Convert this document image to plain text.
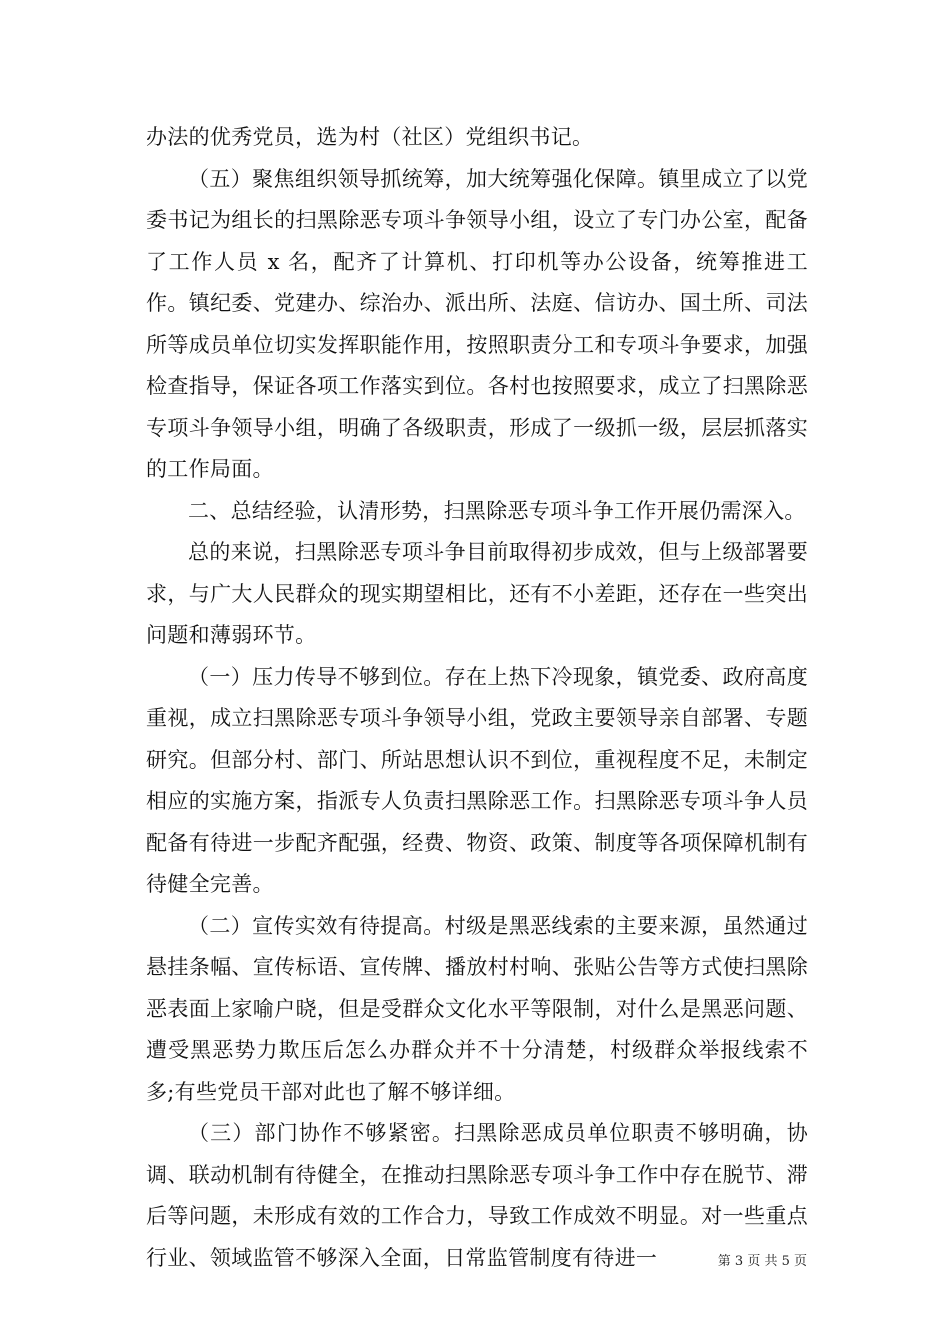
办法的优秀党员，选为村（社区）党组织书记。

（五）聚焦组织领导抓统筹，加大统筹强化保障。镇里成立了以党委书记为组长的扫黑除恶专项斗争领导小组，设立了专门办公室，配备了工作人员 x 名，配齐了计算机、打印机等办公设备，统筹推进工作。镇纪委、党建办、综治办、派出所、法庭、信访办、国土所、司法所等成员单位切实发挥职能作用，按照职责分工和专项斗争要求，加强检查指导，保证各项工作落实到位。各村也按照要求，成立了扫黑除恶专项斗争领导小组，明确了各级职责，形成了一级抓一级，层层抓落实的工作局面。

二、总结经验，认清形势，扫黑除恶专项斗争工作开展仍需深入。

总的来说，扫黑除恶专项斗争目前取得初步成效，但与上级部署要求，与广大人民群众的现实期望相比，还有不小差距，还存在一些突出问题和薄弱环节。

（一）压力传导不够到位。存在上热下冷现象，镇党委、政府高度重视，成立扫黑除恶专项斗争领导小组，党政主要领导亲自部署、专题研究。但部分村、部门、所站思想认识不到位，重视程度不足，未制定相应的实施方案，指派专人负责扫黑除恶工作。扫黑除恶专项斗争人员配备有待进一步配齐配强，经费、物资、政策、制度等各项保障机制有待健全完善。

（二）宣传实效有待提高。村级是黑恶线索的主要来源，虽然通过悬挂条幅、宣传标语、宣传牌、播放村村响、张贴公告等方式使扫黑除恶表面上家喻户晓，但是受群众文化水平等限制，对什么是黑恶问题、遭受黑恶势力欺压后怎么办群众并不十分清楚，村级群众举报线索不多;有些党员干部对此也了解不够详细。

（三）部门协作不够紧密。扫黑除恶成员单位职责不够明确，协调、联动机制有待健全，在推动扫黑除恶专项斗争工作中存在脱节、滞后等问题，未形成有效的工作合力，导致工作成效不明显。对一些重点行业、领域监管不够深入全面，日常监管制度有待进一	第 3 页 共 5 页
